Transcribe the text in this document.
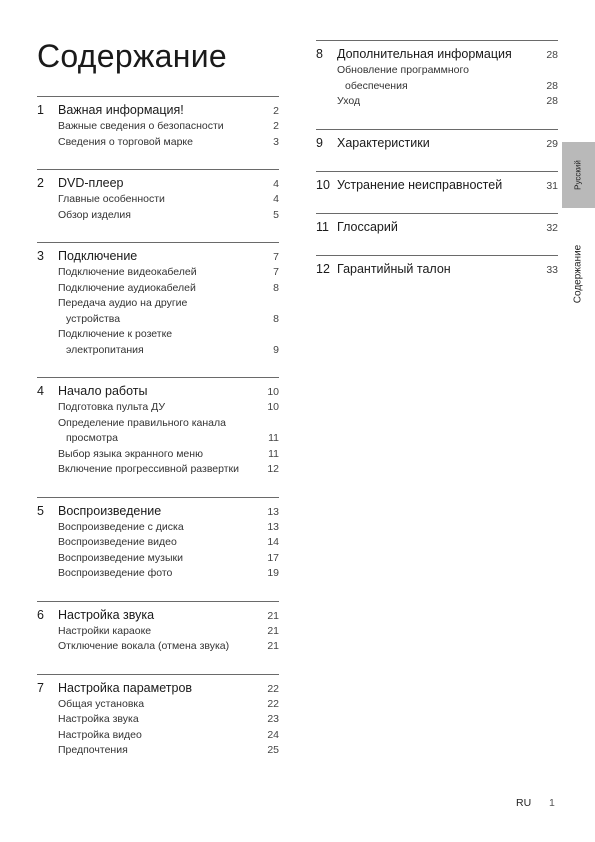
Содержание
1	Важная информация!	2
Важные сведения о безопасности	2
Сведения о торговой марке	3
2	DVD-плеер	4
Главные особенности	4
Обзор изделия	5
3	Подключение	7
Подключение видеокабелей	7
Подключение аудиокабелей	8
Передача аудио на другие
устройства	8
Подключение к розетке
электропитания	9
4	Начало работы	10
Подготовка пульта ДУ	10
Определение правильного канала
просмотра	11
Выбор языка экранного меню	11
Включение прогрессивной развертки	12
5	Воспроизведение	13
Воспроизведение с диска	13
Воспроизведение видео	14
Воспроизведение музыки	17
Воспроизведение фото	19
6	Настройка звука	21
Настройки караоке	21
Отключение вокала (отмена звука)	21
7	Настройка параметров	22
Общая установка	22
Настройка звука	23
Настройка видео	24
Предпочтения	25
8	Дополнительная информация	28
Обновление программного
обеспечения	28
Уход	28
9	Характеристики	29
10 Устранение неисправностей	31
11 Глоссарий	32
12 Гарантийный талон	33
Русский
Содержание
RU 1
